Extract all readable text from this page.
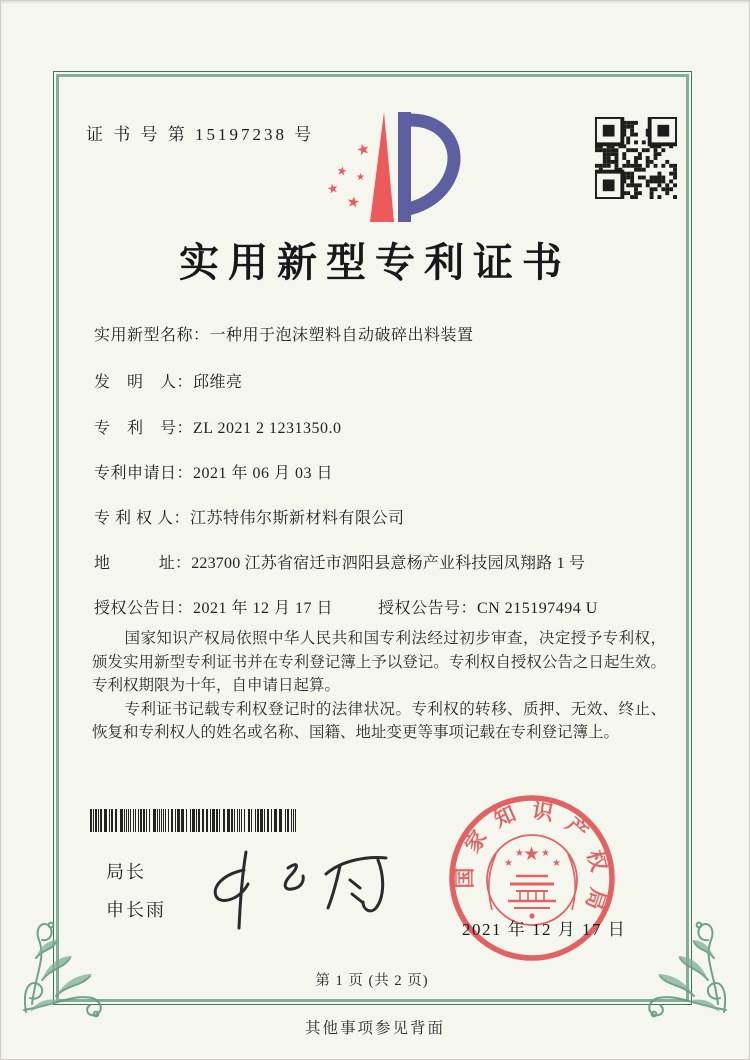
证 书 号 第 15197238 号
★
★ ★
★
★
实用新型专利证书
实用新型名称：一种用于泡沫塑料自动破碎出料装置
发　明　人：邱维亮
专　利　号：ZL 2021 2 1231350.0
专利申请日：2021 年 06 月 03 日
专 利 权 人：江苏特伟尔斯新材料有限公司
地　　　址：223700 江苏省宿迁市泗阳县意杨产业科技园凤翔路 1 号
授权公告日：2021 年 12 月 17 日	授权公告号：CN 215197494 U

国家知识产权局依照中华人民共和国专利法经过初步审查，决定授予专利权，颁发实用新型专利证书并在专利登记簿上予以登记。专利权自授权公告之日起生效。专利权期限为十年，自申请日起算。

专利证书记载专利权登记时的法律状况。专利权的转移、质押、无效、终止、恢复和专利权人的姓名或名称、国籍、地址变更等事项记载在专利登记簿上。

局长
申长雨
国家知识产权局
★
★
★ ★
★
2021 年 12 月 17 日
第 1 页 (共 2 页)
其他事项参见背面
